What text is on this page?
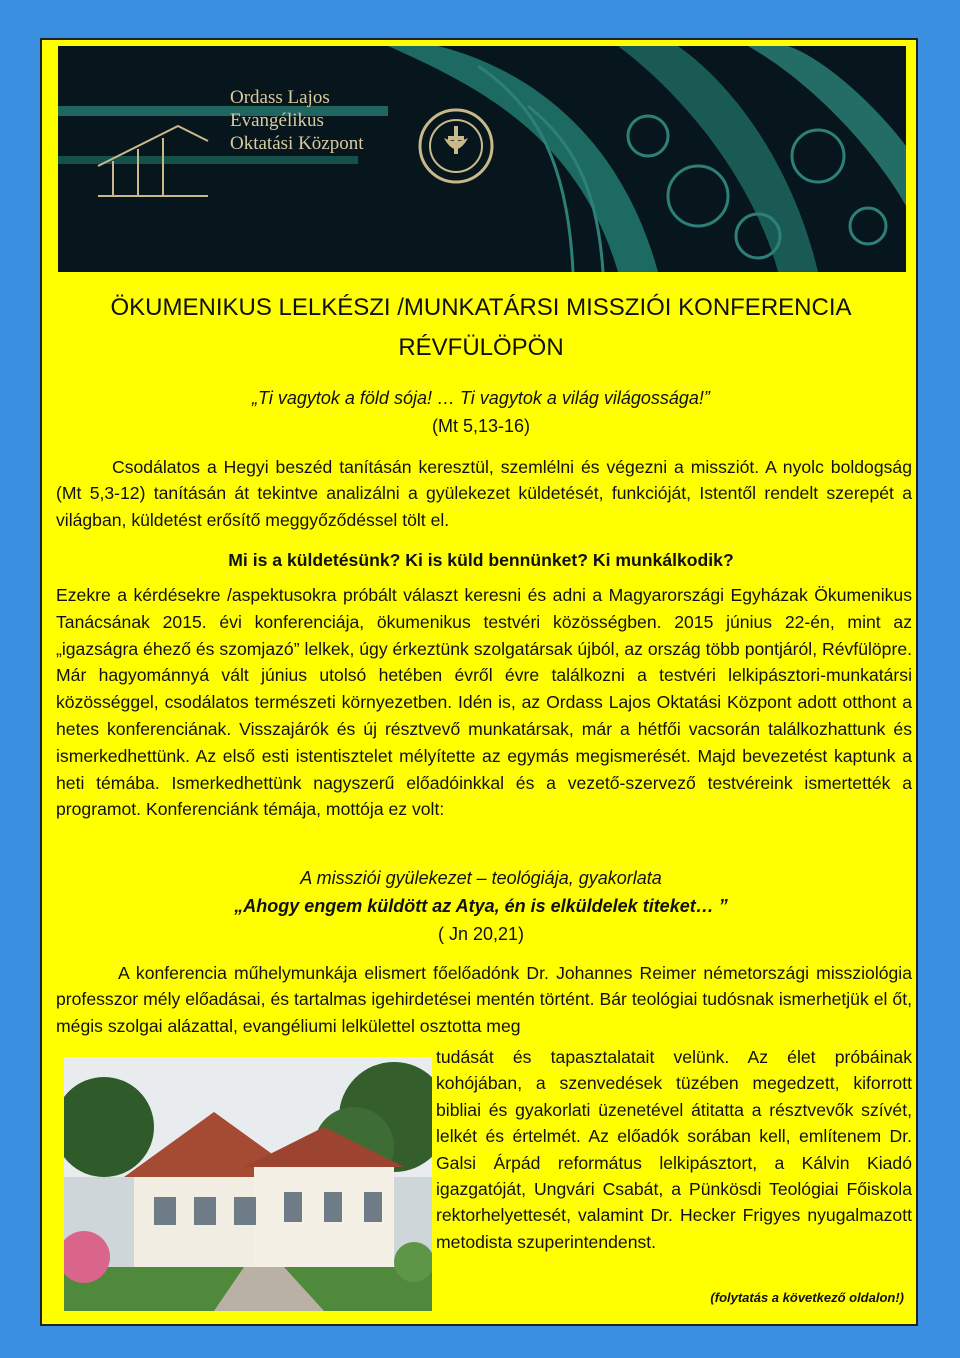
Ordass Lajos
Evangélikus
Oktatási Központ
ÖKUMENIKUS LELKÉSZI /MUNKATÁRSI MISSZIÓI KONFERENCIA
RÉVFÜLÖPÖN
„Ti vagytok a föld sója! … Ti vagytok a világ világossága!”
(Mt 5,13-16)
Csodálatos a Hegyi beszéd tanításán keresztül, szemlélni és végezni a missziót. A nyolc boldogság (Mt 5,3-12) tanításán át tekintve analizálni a gyülekezet küldetését, funkcióját, Istentől rendelt szerepét a világban, küldetést erősítő meggyőződéssel tölt el.
Mi is a küldetésünk? Ki is küld bennünket? Ki munkálkodik?
Ezekre a kérdésekre /aspektusokra próbált választ keresni és adni a Magyarországi Egyházak Ökumenikus Tanácsának 2015. évi konferenciája, ökumenikus testvéri közösségben. 2015 június 22-én, mint az „igazságra éhező és szomjazó” lelkek, úgy érkeztünk szolgatársak újból, az ország több pontjáról, Révfülöpre. Már hagyománnyá vált június utolsó hetében évről évre találkozni a testvéri lelkipásztori-munkatársi közösséggel, csodálatos természeti környezetben. Idén is, az Ordass Lajos Oktatási Központ adott otthont a hetes konferenciának. Visszajárók és új résztvevő munkatársak, már a hétfői vacsorán találkozhattunk és ismerkedhettünk. Az első esti istentisztelet mélyítette az egymás megismerését. Majd bevezetést kaptunk a heti témába. Ismerkedhettünk nagyszerű előadóinkkal és a vezető-szervező testvéreink ismertették a programot. Konferenciánk témája, mottója ez volt:
A missziói gyülekezet – teológiája, gyakorlata
„Ahogy engem küldött az Atya, én is elküldelek titeket… ”
( Jn 20,21)
A konferencia műhelymunkája elismert főelőadónk Dr. Johannes Reimer németországi missziológia professzor mély előadásai, és tartalmas igehirdetései mentén történt. Bár teológiai tudósnak ismerhetjük el őt, mégis szolgai alázattal, evangéliumi lelkülettel osztotta meg
tudását és tapasztalatait velünk. Az élet próbáinak kohójában, a szenvedések tüzében megedzett, kiforrott bibliai és gyakorlati üzenetével átitatta a résztvevők szívét, lelkét és értelmét. Az előadók sorában kell, említenem Dr. Galsi Árpád református lelkipásztort, a Kálvin Kiadó igazgatóját, Ungvári Csabát, a Pünkösdi Teológiai Főiskola rektorhelyettesét, valamint Dr. Hecker Frigyes nyugalmazott metodista szuperintendenst.
(folytatás a következő oldalon!)
